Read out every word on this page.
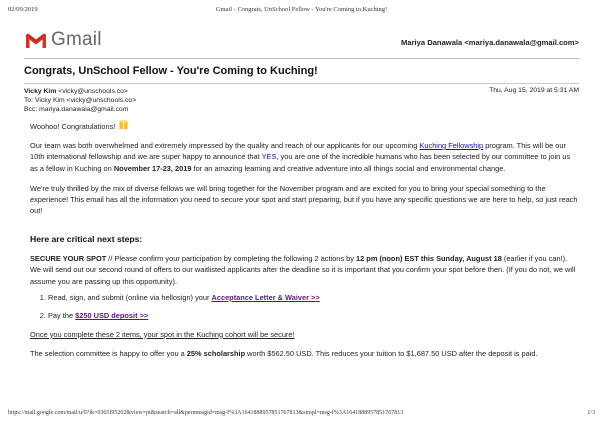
02/09/2019	Gmail - Congrats, UnSchool Fellow - You're Coming to Kuching!
Gmail	Mariya Danawala <mariya.danawala@gmail.com>
Congrats, UnSchool Fellow - You're Coming to Kuching!
Vicky Kim <vicky@unschools.co>
To: Vicky Kim <vicky@unschools.co>
Bcc: mariya.danawala@gmail.com
Thu, Aug 15, 2019 at 5:31 AM
Woohoo! Congratulations!

Our team was both overwhelmed and extremely impressed by the quality and reach of our applicants for our upcoming Kuching Fellowship program. This will be our 10th international fellowship and we are super happy to announce that YES, you are one of the incredible humans who has been selected by our committee to join us as a fellow in Kuching on November 17-23, 2019 for an amazing learning and creative adventure into all things social and environmental change.

We're truly thrilled by the mix of diverse fellows we will bring together for the November program and are excited for you to bring your special something to the experience! This email has all the information you need to secure your spot and start preparing, but if you have any specific questions we are here to help, so just reach out!

Here are critical next steps:

SECURE YOUR SPOT // Please confirm your participation by completing the following 2 actions by 12 pm (noon) EST this Sunday, August 18 (earlier if you can!). We will send out our second round of offers to our waitlisted applicants after the deadline so it is important that you confirm your spot before then. (If you do not, we will assume you are passing up this opportunity).

1. Read, sign, and submit (online via hellosign) your Acceptance Letter & Waiver >>
2. Pay the $250 USD deposit >>

Once you complete these 2 items, your spot in the Kuching cohort will be secure!

The selection committee is happy to offer you a 25% scholarship worth $562.50 USD. This reduces your tuition to $1,687.50 USD after the deposit is paid.

https://mail.google.com/mail/u/0?ik=0365f95202&view=pt&search=all&permmsgid=msg-f%3A1641888957851767813&simpl=msg-f%3A1641888957851767813	1/3
